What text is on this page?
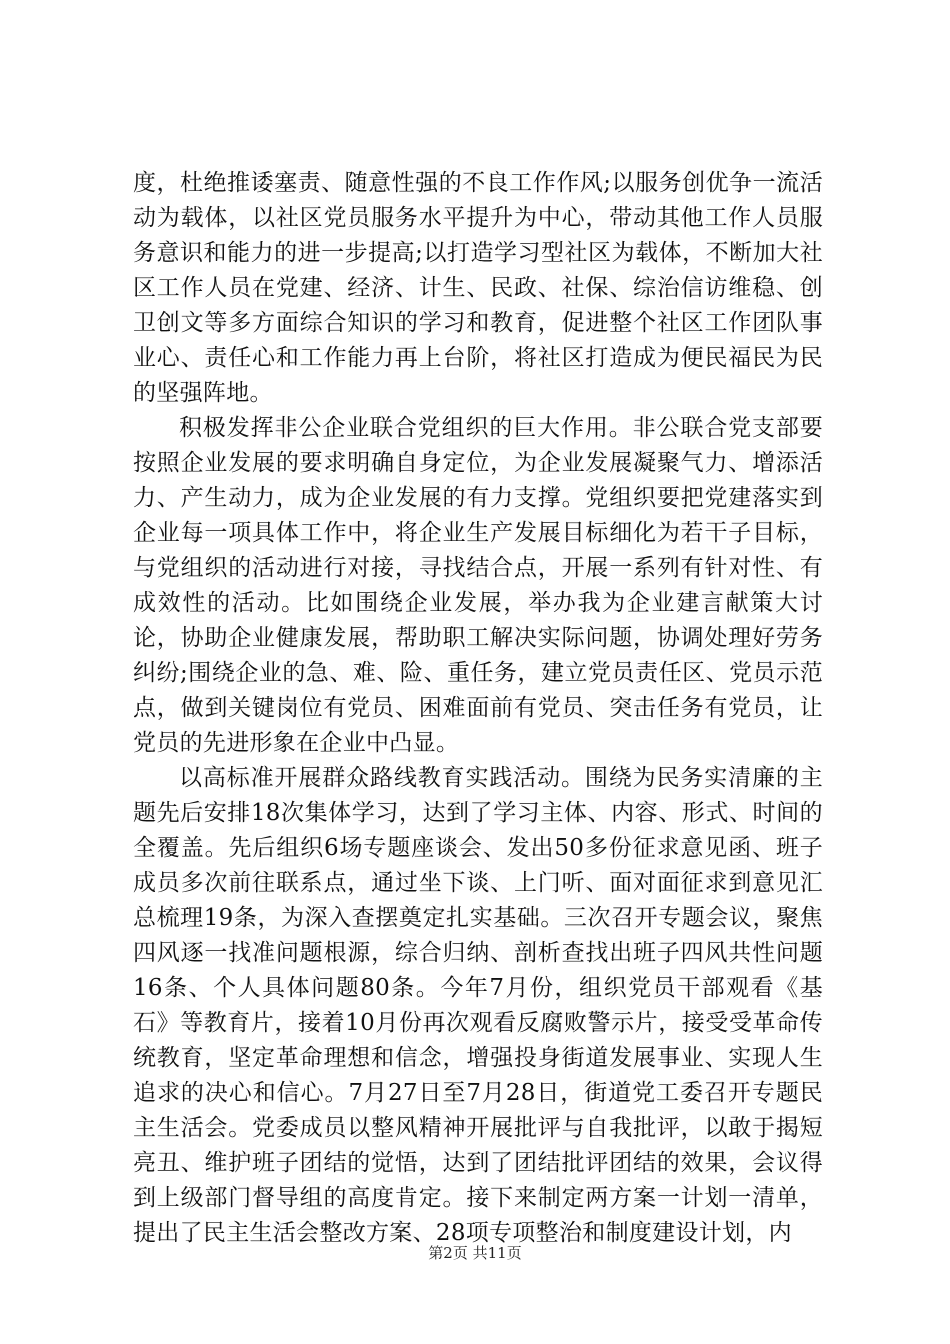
度，杜绝推诿塞责、随意性强的不良工作作风;以服务创优争一流活动为载体，以社区党员服务水平提升为中心，带动其他工作人员服务意识和能力的进一步提高;以打造学习型社区为载体，不断加大社区工作人员在党建、经济、计生、民政、社保、综治信访维稳、创卫创文等多方面综合知识的学习和教育，促进整个社区工作团队事业心、责任心和工作能力再上台阶，将社区打造成为便民福民为民的坚强阵地。

积极发挥非公企业联合党组织的巨大作用。非公联合党支部要按照企业发展的要求明确自身定位，为企业发展凝聚气力、增添活力、产生动力，成为企业发展的有力支撑。党组织要把党建落实到企业每一项具体工作中，将企业生产发展目标细化为若干子目标，与党组织的活动进行对接，寻找结合点，开展一系列有针对性、有成效性的活动。比如围绕企业发展，举办我为企业建言献策大讨论，协助企业健康发展，帮助职工解决实际问题，协调处理好劳务纠纷;围绕企业的急、难、险、重任务，建立党员责任区、党员示范点，做到关键岗位有党员、困难面前有党员、突击任务有党员，让党员的先进形象在企业中凸显。

以高标准开展群众路线教育实践活动。围绕为民务实清廉的主题先后安排18次集体学习，达到了学习主体、内容、形式、时间的全覆盖。先后组织6场专题座谈会、发出50多份征求意见函、班子成员多次前往联系点，通过坐下谈、上门听、面对面征求到意见汇总梳理19条，为深入查摆奠定扎实基础。三次召开专题会议，聚焦四风逐一找准问题根源，综合归纳、剖析查找出班子四风共性问题16条、个人具体问题80条。今年7月份，组织党员干部观看《基石》等教育片，接着10月份再次观看反腐败警示片，接受受革命传统教育，坚定革命理想和信念，增强投身街道发展事业、实现人生追求的决心和信心。7月27日至7月28日，街道党工委召开专题民主生活会。党委成员以整风精神开展批评与自我批评，以敢于揭短亮丑、维护班子团结的觉悟，达到了团结批评团结的效果，会议得到上级部门督导组的高度肯定。接下来制定两方案一计划一清单，提出了民主生活会整改方案、28项专项整治和制度建设计划，内

第2页 共11页
